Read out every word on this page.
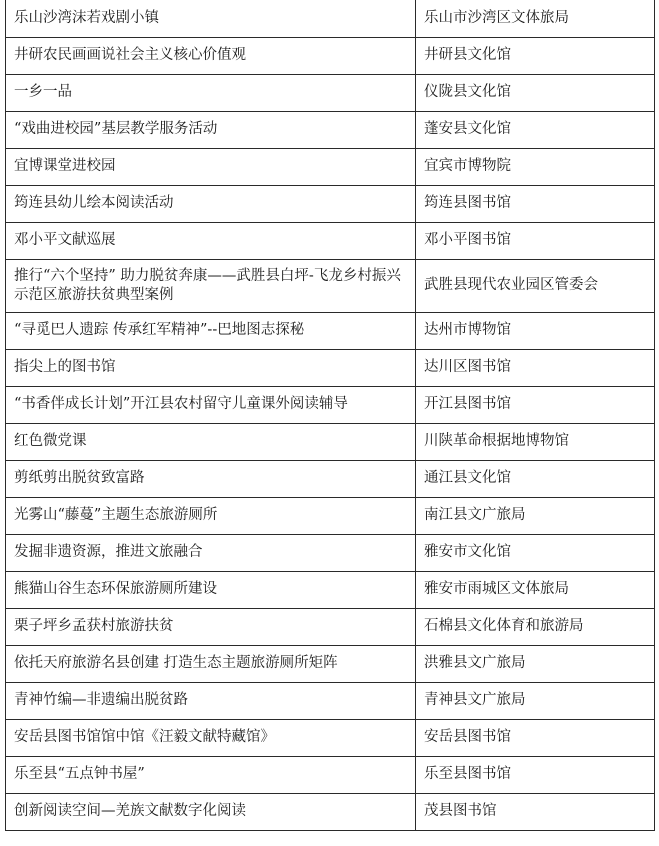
乐山沙湾沫若戏剧小镇	乐山市沙湾区文体旅局
井研农民画画说社会主义核心价值观	井研县文化馆
一乡一品	仪陇县文化馆
“戏曲进校园”基层教学服务活动	蓬安县文化馆
宜博课堂进校园	宜宾市博物院
筠连县幼儿绘本阅读活动	筠连县图书馆
邓小平文献巡展	邓小平图书馆
推行“六个坚持” 助力脱贫奔康——武胜县白坪-飞龙乡村振兴示范区旅游扶贫典型案例	武胜县现代农业园区管委会
“寻觅巴人遗踪 传承红军精神”--巴地图志探秘	达州市博物馆
指尖上的图书馆	达川区图书馆
“书香伴成长计划”开江县农村留守儿童课外阅读辅导	开江县图书馆
红色微党课	川陕革命根据地博物馆
剪纸剪出脱贫致富路	通江县文化馆
光雾山“藤蔓”主题生态旅游厕所	南江县文广旅局
发掘非遗资源，推进文旅融合	雅安市文化馆
熊猫山谷生态环保旅游厕所建设	雅安市雨城区文体旅局
栗子坪乡孟获村旅游扶贫	石棉县文化体育和旅游局
依托天府旅游名县创建 打造生态主题旅游厕所矩阵	洪雅县文广旅局
青神竹编—非遗编出脱贫路	青神县文广旅局
安岳县图书馆馆中馆《汪毅文献特藏馆》	安岳县图书馆
乐至县“五点钟书屋”	乐至县图书馆
创新阅读空间—羌族文献数字化阅读	茂县图书馆
